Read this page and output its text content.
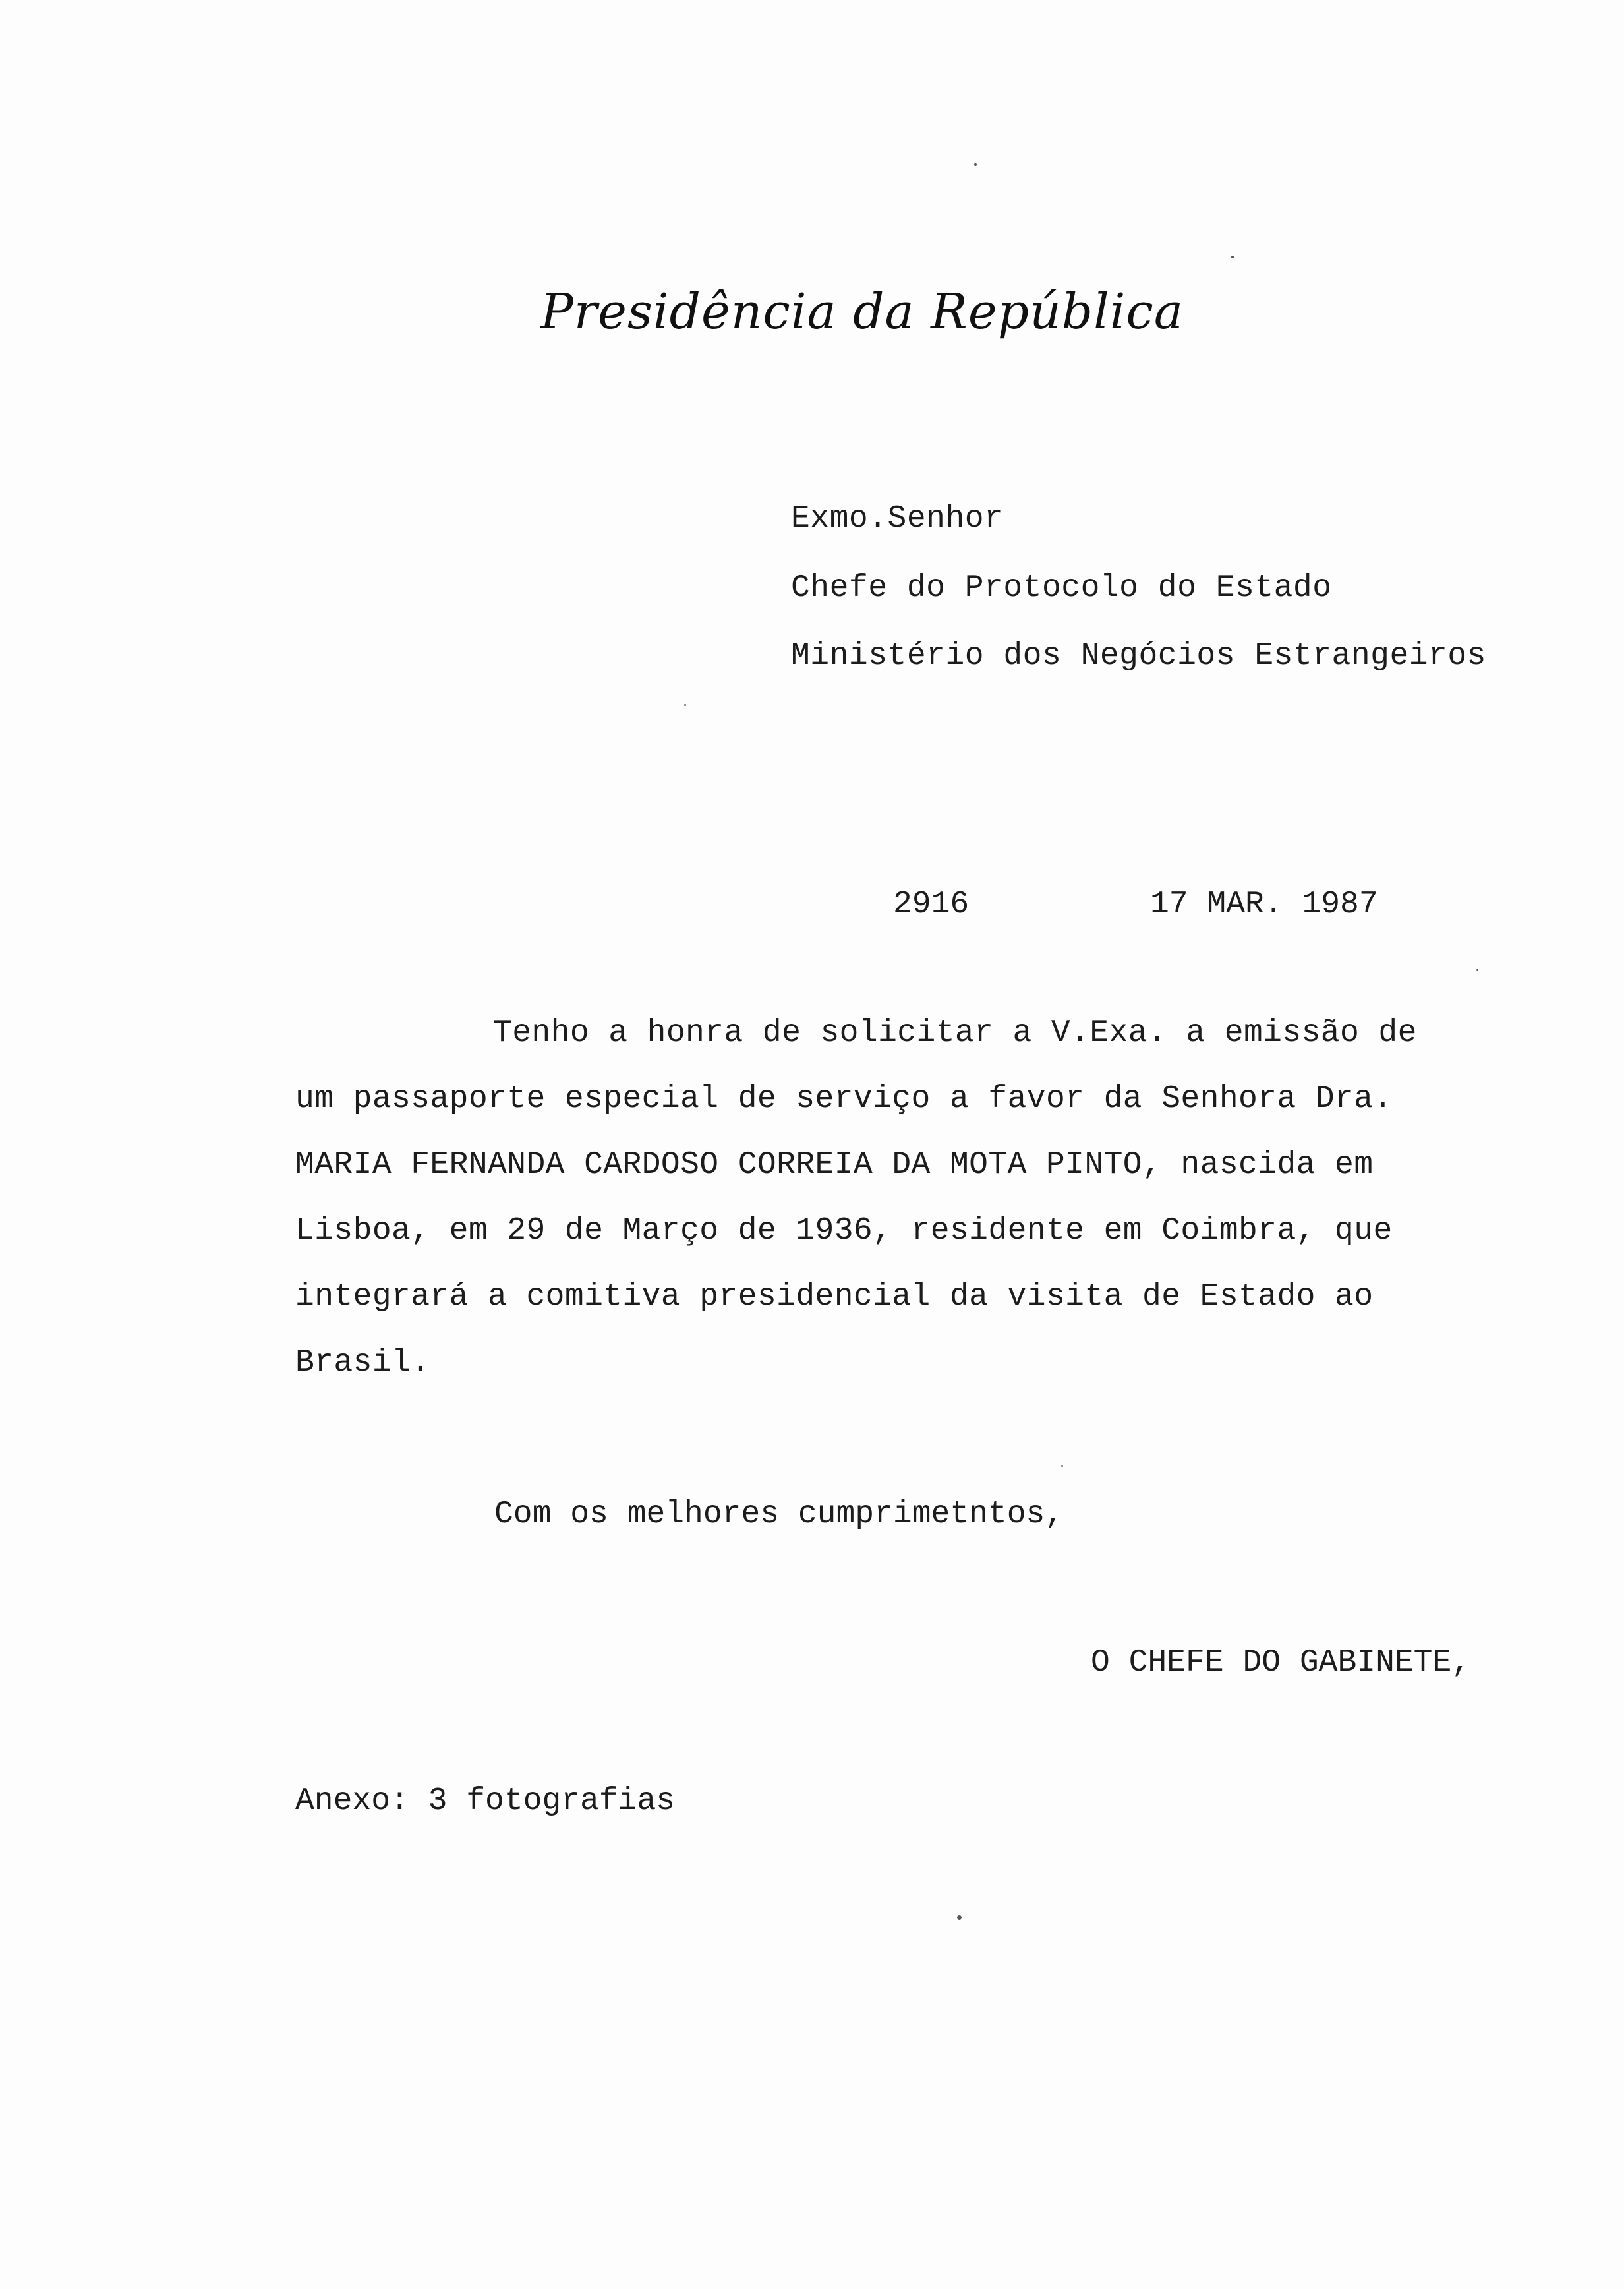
Presidência da República
Exmo.Senhor
Chefe do Protocolo do Estado
Ministério dos Negócios Estrangeiros
2916	17 MAR. 1987
Tenho a honra de solicitar a V.Exa. a emissão de
um passaporte especial de serviço a favor da Senhora Dra.
MARIA FERNANDA CARDOSO CORREIA DA MOTA PINTO, nascida em
Lisboa, em 29 de Março de 1936, residente em Coimbra, que
integrará a comitiva presidencial da visita de Estado ao
Brasil.
Com os melhores cumprimetntos,
O CHEFE DO GABINETE,
Anexo: 3 fotografias
